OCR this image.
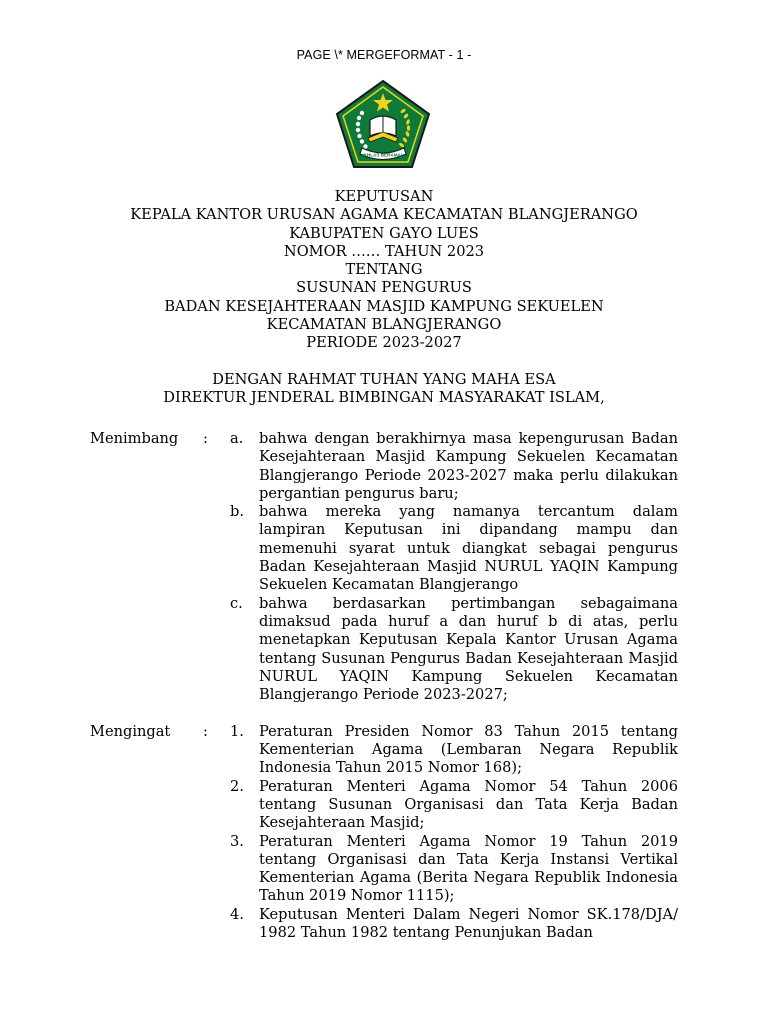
PAGE \* MERGEFORMAT - 1 -
IKHLAS BERAMAL
KEPUTUSAN
KEPALA KANTOR URUSAN AGAMA KECAMATAN BLANGJERANGO
KABUPATEN GAYO LUES
NOMOR …… TAHUN 2023
TENTANG
SUSUNAN PENGURUS
BADAN KESEJAHTERAAN MASJID KAMPUNG SEKUELEN
KECAMATAN BLANGJERANGO
PERIODE 2023-2027
DENGAN RAHMAT TUHAN YANG MAHA ESA
DIREKTUR JENDERAL BIMBINGAN MASYARAKAT ISLAM,
Menimbang : a. bahwa dengan berakhirnya masa kepengurusan Badan Kesejahteraan Masjid Kampung Sekuelen Kecamatan Blangjerango Periode 2023-2027 maka perlu dilakukan pergantian pengurus baru;
b. bahwa mereka yang namanya tercantum dalam lampiran Keputusan ini dipandang mampu dan memenuhi syarat untuk diangkat sebagai pengurus Badan Kesejahteraan Masjid NURUL YAQIN Kampung Sekuelen Kecamatan Blangjerango
c. bahwa berdasarkan pertimbangan sebagaimana dimaksud pada huruf a dan huruf b di atas, perlu menetapkan Keputusan Kepala Kantor Urusan Agama tentang Susunan Pengurus Badan Kesejahteraan Masjid NURUL YAQIN Kampung Sekuelen Kecamatan Blangjerango Periode 2023-2027;
Mengingat : 1. Peraturan Presiden Nomor 83 Tahun 2015 tentang Kementerian Agama (Lembaran Negara Republik Indonesia Tahun 2015 Nomor 168);
2. Peraturan Menteri Agama Nomor 54 Tahun 2006 tentang Susunan Organisasi dan Tata Kerja Badan Kesejahteraan Masjid;
3. Peraturan Menteri Agama Nomor 19 Tahun 2019 tentang Organisasi dan Tata Kerja Instansi Vertikal Kementerian Agama (Berita Negara Republik Indonesia Tahun 2019 Nomor 1115);
4. Keputusan Menteri Dalam Negeri Nomor SK.178/DJA/ 1982 Tahun 1982 tentang Penunjukan Badan
